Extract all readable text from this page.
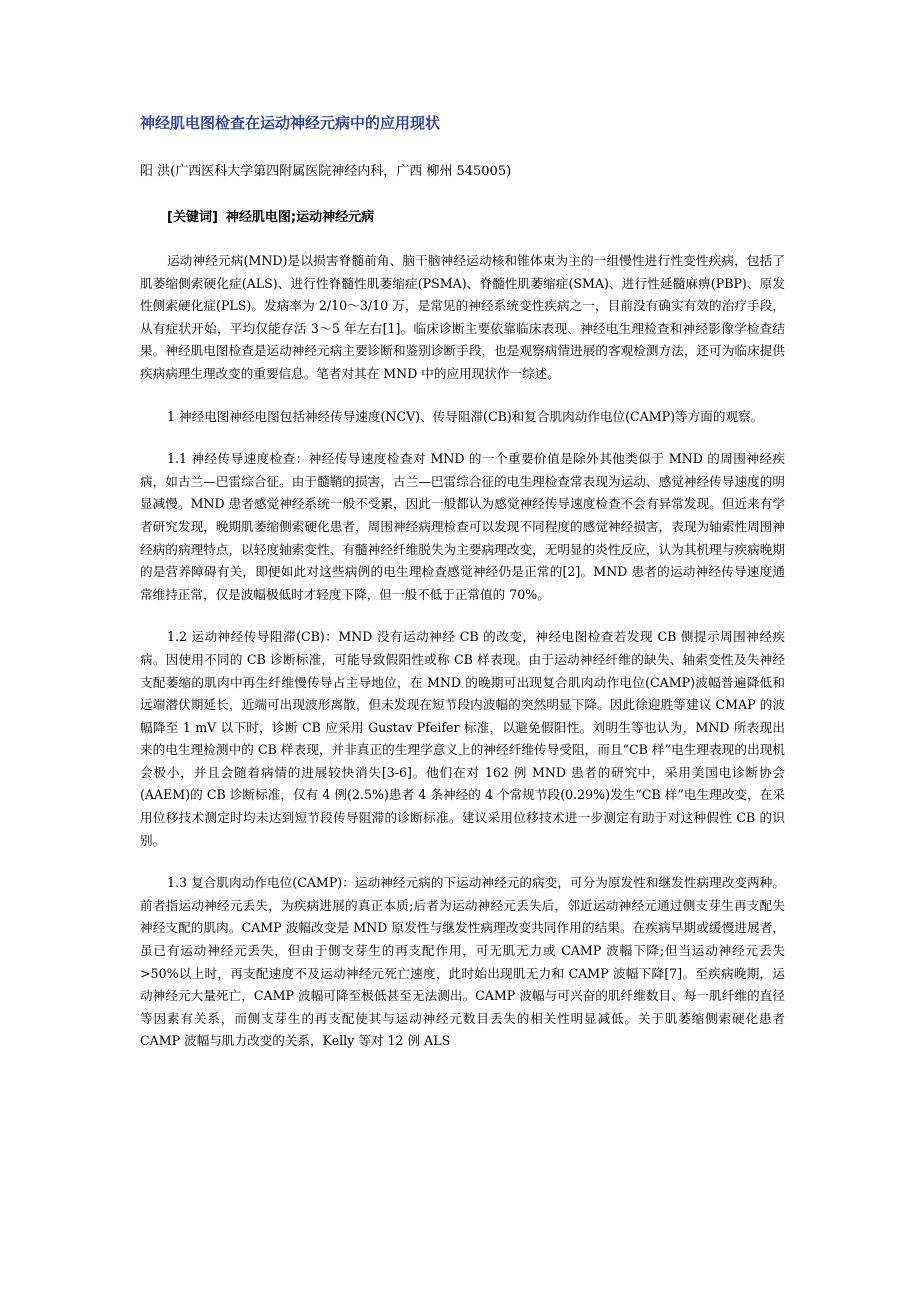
神经肌电图检查在运动神经元病中的应用现状

阳 洪(广西医科大学第四附属医院神经内科，广西 柳州 545005)

[关键词] 神经肌电图;运动神经元病

运动神经元病(MND)是以损害脊髓前角、脑干脑神经运动核和锥体束为主的一组慢性进行性变性疾病，包括了肌萎缩侧索硬化症(ALS)、进行性脊髓性肌萎缩症(PSMA)、脊髓性肌萎缩症(SMA)、进行性延髓麻痹(PBP)、原发性侧索硬化症(PLS)。发病率为 2/10～3/10 万，是常见的神经系统变性疾病之一，目前没有确实有效的治疗手段，从有症状开始，平均仅能存活 3～5 年左右[1]。临床诊断主要依靠临床表现、神经电生理检查和神经影像学检查结果。神经肌电图检查是运动神经元病主要诊断和鉴别诊断手段，也是观察病情进展的客观检测方法，还可为临床提供疾病病理生理改变的重要信息。笔者对其在 MND 中的应用现状作一综述。

1 神经电图神经电图包括神经传导速度(NCV)、传导阻滞(CB)和复合肌肉动作电位(CAMP)等方面的观察。

1.1 神经传导速度检查：神经传导速度检查对 MND 的一个重要价值是除外其他类似于 MND 的周围神经疾病，如古兰—巴雷综合征。由于髓鞘的损害，古兰—巴雷综合征的电生理检查常表现为运动、感觉神经传导速度的明显减慢。MND 患者感觉神经系统一般不受累，因此一般都认为感觉神经传导速度检查不会有异常发现。但近来有学者研究发现，晚期肌萎缩侧索硬化患者，周围神经病理检查可以发现不同程度的感觉神经损害，表现为轴索性周围神经病的病理特点，以轻度轴索变性、有髓神经纤维脱失为主要病理改变，无明显的炎性反应，认为其机理与疾病晚期的是营养障碍有关，即便如此对这些病例的电生理检查感觉神经仍是正常的[2]。MND 患者的运动神经传导速度通常维持正常，仅是波幅极低时才轻度下降，但一般不低于正常值的 70%。

1.2 运动神经传导阻滞(CB)：MND 没有运动神经 CB 的改变，神经电图检查若发现 CB 侧提示周围神经疾病。因使用不同的 CB 诊断标准，可能导致假阳性或称 CB 样表现。由于运动神经纤维的缺失、轴索变性及失神经支配萎缩的肌肉中再生纤维慢传导占主导地位，在 MND 的晚期可出现复合肌肉动作电位(CAMP)波幅普遍降低和远端潜伏期延长，近端可出现波形离散，但未发现在短节段内波幅的突然明显下降。因此徐迎胜等建议 CMAP 的波幅降至 1 mV 以下时，诊断 CB 应采用 Gustav Pfeifer 标准，以避免假阳性。刘明生等也认为，MND 所表现出来的电生理检测中的 CB 样表现，并非真正的生理学意义上的神经纤维传导受阻，而且“CB 样”电生理表现的出现机会极小，并且会随着病情的进展较快消失[3-6]。他们在对 162 例 MND 患者的研究中，采用美国电诊断协会(AAEM)的 CB 诊断标准，仅有 4 例(2.5%)患者 4 条神经的 4 个常规节段(0.29%)发生“CB 样”电生理改变，在采用位移技术测定时均未达到短节段传导阻滞的诊断标准。建议采用位移技术进一步测定有助于对这种假性 CB 的识别。

1.3 复合肌肉动作电位(CAMP)：运动神经元病的下运动神经元的病变，可分为原发性和继发性病理改变两种。前者指运动神经元丢失，为疾病进展的真正本质;后者为运动神经元丢失后，邻近运动神经元通过侧支芽生再支配失神经支配的肌肉。CAMP 波幅改变是 MND 原发性与继发性病理改变共同作用的结果。在疾病早期或缓慢进展者，虽已有运动神经元丢失，但由于侧支芽生的再支配作用，可无肌无力或 CAMP 波幅下降;但当运动神经元丢失>50%以上时，再支配速度不及运动神经元死亡速度，此时始出现肌无力和 CAMP 波幅下降[7]。至疾病晚期，运动神经元大量死亡，CAMP 波幅可降至极低甚至无法测出。CAMP 波幅与可兴奋的肌纤维数目、每一肌纤维的直径等因素有关系，而侧支芽生的再支配使其与运动神经元数目丢失的相关性明显减低。关于肌萎缩侧索硬化患者 CAMP 波幅与肌力改变的关系，Kelly 等对 12 例 ALS
